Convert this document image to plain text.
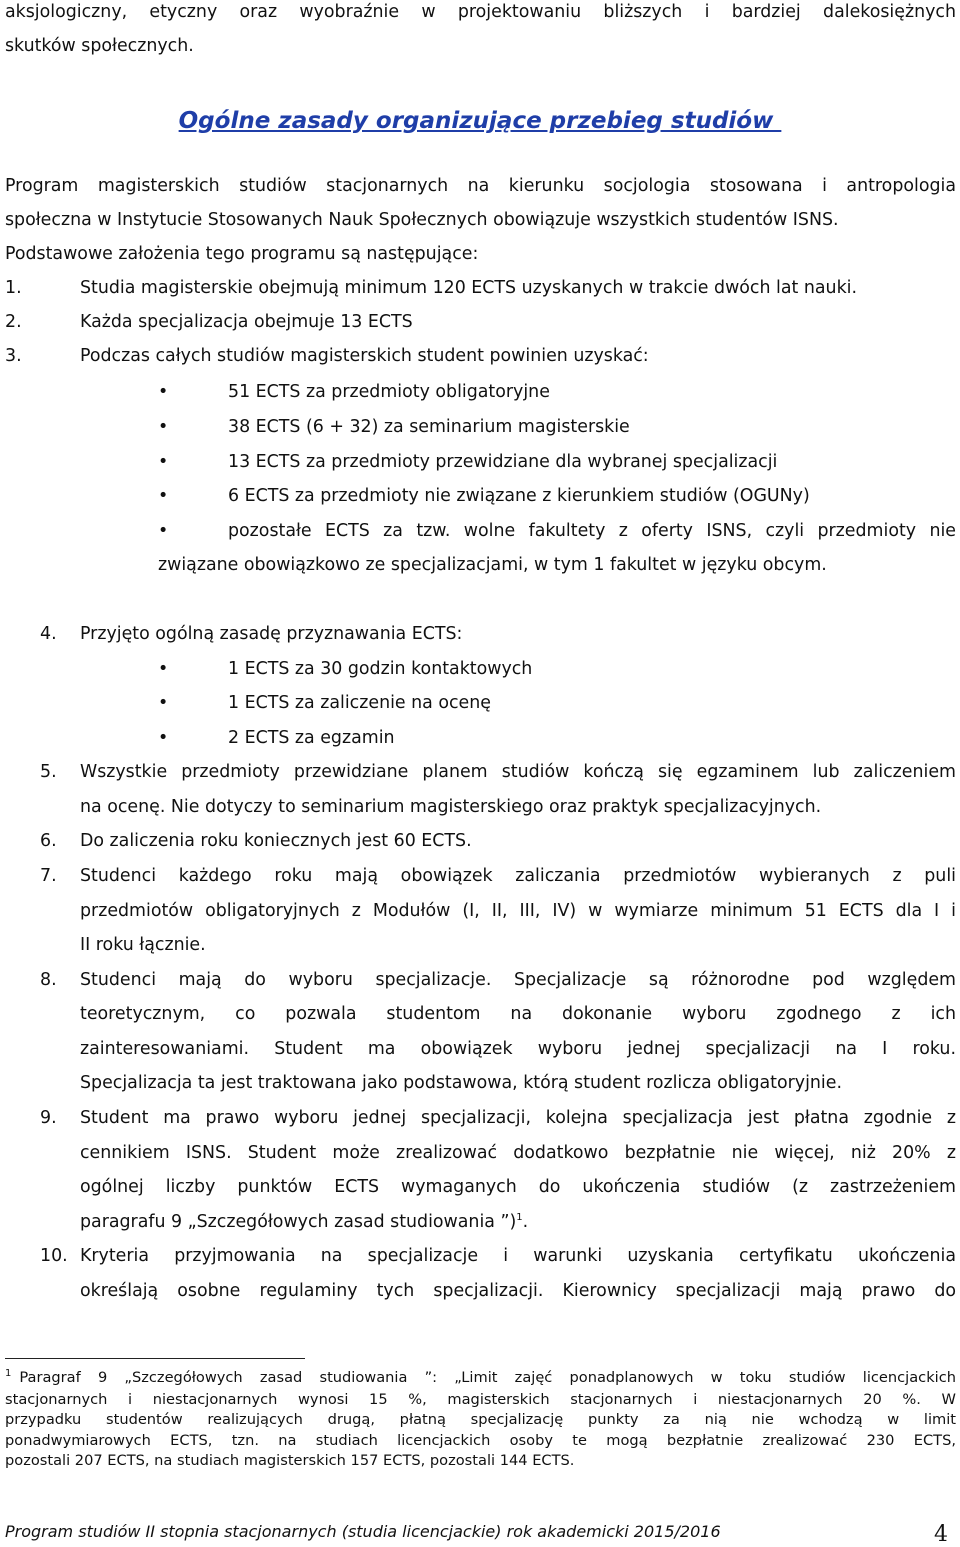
aksjologiczny, etyczny oraz wyobraźnie w projektowaniu bliższych i bardziej dalekosiężnych
skutków społecznych.
Ogólne zasady organizujące przebieg studiów
Program magisterskich studiów stacjonarnych na kierunku socjologia stosowana i antropologia
społeczna w Instytucie Stosowanych Nauk Społecznych obowiązuje wszystkich studentów ISNS.
Podstawowe założenia tego programu są następujące:
1.	Studia magisterskie obejmują minimum 120 ECTS uzyskanych w trakcie dwóch lat nauki.
2.	Każda specjalizacja obejmuje 13 ECTS
3.	Podczas całych studiów magisterskich student powinien uzyskać:
•	51 ECTS za przedmioty obligatoryjne
•	38 ECTS (6 + 32) za seminarium magisterskie
•	13 ECTS za przedmioty przewidziane dla wybranej specjalizacji
•	6 ECTS za przedmioty nie związane z kierunkiem studiów (OGUNy)
•	pozostałe ECTS za tzw. wolne fakultety z oferty ISNS, czyli przedmioty nie
związane obowiązkowo ze specjalizacjami, w tym 1 fakultet w języku obcym.
4. Przyjęto ogólną zasadę przyznawania ECTS:
•	1 ECTS za 30 godzin kontaktowych
•	1 ECTS za zaliczenie na ocenę
•	2 ECTS za egzamin
5. Wszystkie przedmioty przewidziane planem studiów kończą się egzaminem lub zaliczeniem
na ocenę. Nie dotyczy to seminarium magisterskiego oraz praktyk specjalizacyjnych.
6. Do zaliczenia roku koniecznych jest 60 ECTS.
7. Studenci każdego roku mają obowiązek zaliczania przedmiotów wybieranych z puli
przedmiotów obligatoryjnych z Modułów (I, II, III, IV) w wymiarze minimum 51 ECTS dla I i
II roku łącznie.
8. Studenci mają do wyboru specjalizacje. Specjalizacje są różnorodne pod względem
teoretycznym, co pozwala studentom na dokonanie wyboru zgodnego z ich
zainteresowaniami. Student ma obowiązek wyboru jednej specjalizacji na I roku.
Specjalizacja ta jest traktowana jako podstawowa, którą student rozlicza obligatoryjnie.
9. Student ma prawo wyboru jednej specjalizacji, kolejna specjalizacja jest płatna zgodnie z
cennikiem ISNS. Student może zrealizować dodatkowo bezpłatnie nie więcej, niż 20% z
ogólnej liczby punktów ECTS wymaganych do ukończenia studiów (z zastrzeżeniem
paragrafu 9 „Szczegółowych zasad studiowania ”)$^1$.
10. Kryteria przyjmowania na specjalizacje i warunki uzyskania certyfikatu ukończenia
określają osobne regulaminy tych specjalizacji. Kierownicy specjalizacji mają prawo do
$^1$ Paragraf 9 „Szczegółowych zasad studiowania ”: „Limit zajęć ponadplanowych w toku studiów licencjackich
stacjonarnych i niestacjonarnych wynosi 15 %, magisterskich stacjonarnych i niestacjonarnych 20 %. W
przypadku studentów realizujących drugą, płatną specjalizację punkty za nią nie wchodzą w limit
ponadwymiarowych ECTS, tzn. na studiach licencjackich osoby te mogą bezpłatnie zrealizować 230 ECTS,
pozostali 207 ECTS, na studiach magisterskich 157 ECTS, pozostali 144 ECTS.
Program studiów II stopnia stacjonarnych (studia licencjackie) rok akademicki 2015/2016	4
